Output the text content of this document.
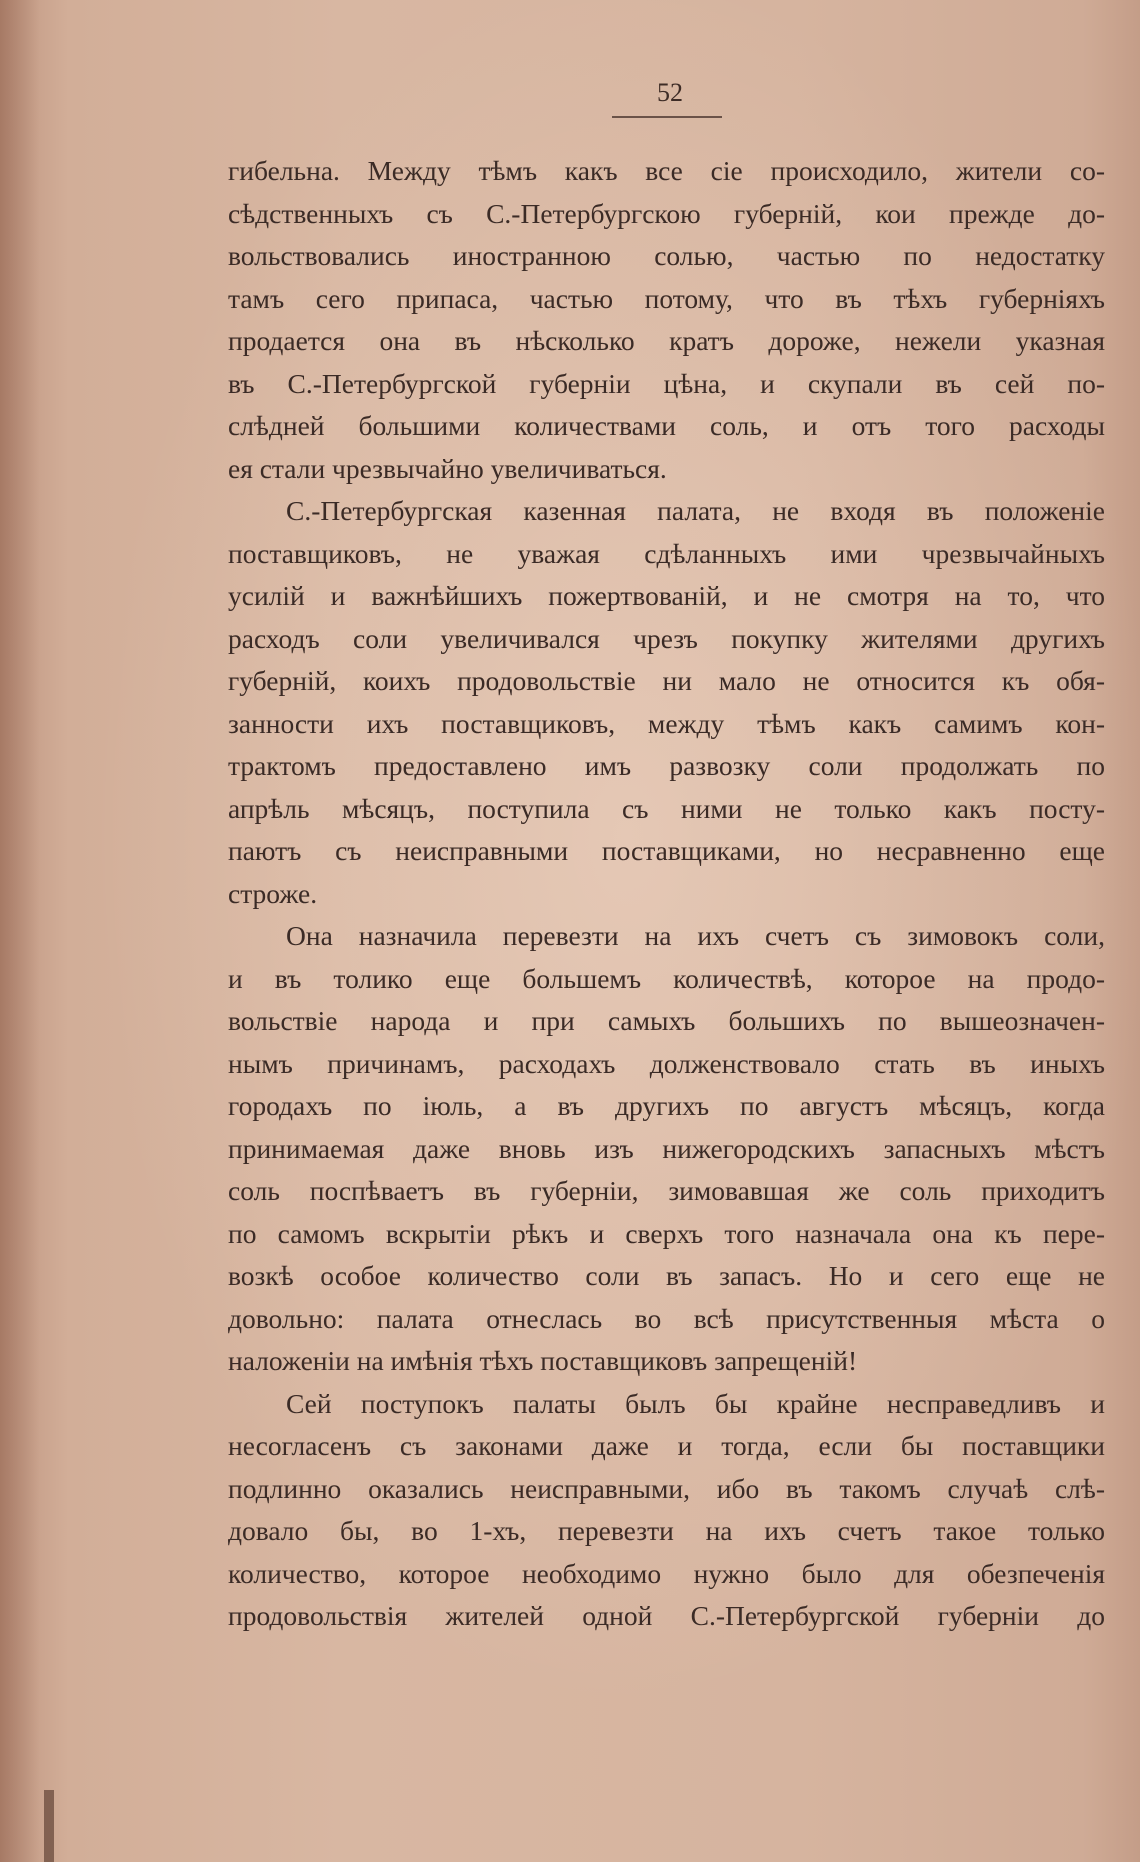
52
гибельна. Между тѣмъ какъ все сіе происходило, жители со-
сѣдственныхъ съ С.-Петербургскою губерній, кои прежде до-
вольствовались иностранною солью, частью по недостатку
тамъ сего припаса, частью потому, что въ тѣхъ губерніяхъ
продается она въ нѣсколько кратъ дороже, нежели указная
въ С.-Петербургской губерніи цѣна, и скупали въ сей по-
слѣдней большими количествами соль, и отъ того расходы
ея стали чрезвычайно увеличиваться.
С.-Петербургская казенная палата, не входя въ положеніе
поставщиковъ, не уважая сдѣланныхъ ими чрезвычайныхъ
усилій и важнѣйшихъ пожертвованій, и не смотря на то, что
расходъ соли увеличивался чрезъ покупку жителями другихъ
губерній, коихъ продовольствіе ни мало не относится къ обя-
занности ихъ поставщиковъ, между тѣмъ какъ самимъ кон-
трактомъ предоставлено имъ развозку соли продолжать по
апрѣль мѣсяцъ, поступила съ ними не только какъ посту-
паютъ съ неисправными поставщиками, но несравненно еще
строже.
Она назначила перевезти на ихъ счетъ съ зимовокъ соли,
и въ толико еще большемъ количествѣ, которое на продо-
вольствіе народа и при самыхъ большихъ по вышеозначен-
нымъ причинамъ, расходахъ долженствовало стать въ иныхъ
городахъ по іюль, а въ другихъ по августъ мѣсяцъ, когда
принимаемая даже вновь изъ нижегородскихъ запасныхъ мѣстъ
соль поспѣваетъ въ губерніи, зимовавшая же соль приходитъ
по самомъ вскрытіи рѣкъ и сверхъ того назначала она къ пере-
возкѣ особое количество соли въ запасъ. Но и сего еще не
довольно: палата отнеслась во всѣ присутственныя мѣста о
наложеніи на имѣнія тѣхъ поставщиковъ запрещеній!
Сей поступокъ палаты былъ бы крайне несправедливъ и
несогласенъ съ законами даже и тогда, если бы поставщики
подлинно оказались неисправными, ибо въ такомъ случаѣ слѣ-
довало бы, во 1-хъ, перевезти на ихъ счетъ такое только
количество, которое необходимо нужно было для обезпеченія
продовольствія жителей одной С.-Петербургской губерніи до
